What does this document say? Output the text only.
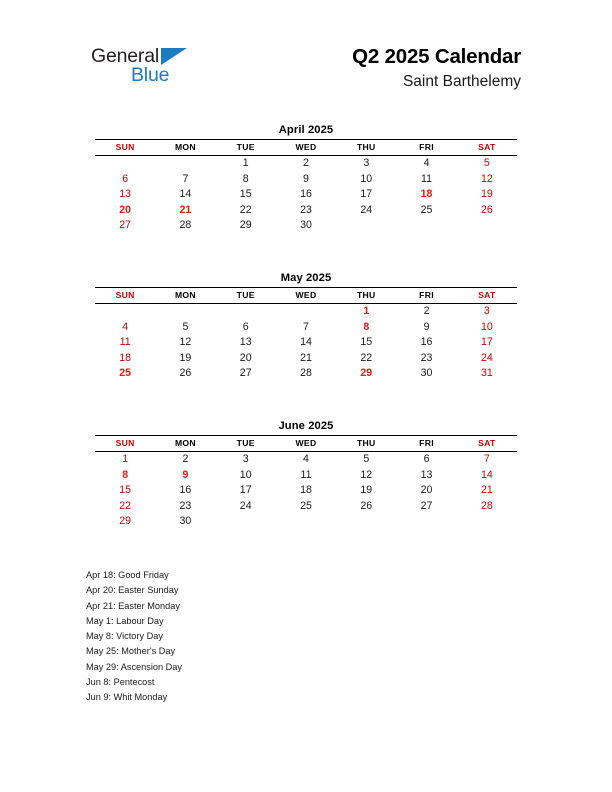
General
Blue
Q2 2025 Calendar
Saint Barthelemy
April 2025
SUN	MON	TUE	WED	THU	FRI	SAT
		1	2	3	4	5
6	7	8	9	10	11	12
13	14	15	16	17	18	19
20	21	22	23	24	25	26
27	28	29	30			
May 2025
SUN	MON	TUE	WED	THU	FRI	SAT
				1	2	3
4	5	6	7	8	9	10
11	12	13	14	15	16	17
18	19	20	21	22	23	24
25	26	27	28	29	30	31
June 2025
SUN	MON	TUE	WED	THU	FRI	SAT
1	2	3	4	5	6	7
8	9	10	11	12	13	14
15	16	17	18	19	20	21
22	23	24	25	26	27	28
29	30					
Apr 18: Good Friday
Apr 20: Easter Sunday
Apr 21: Easter Monday
May 1: Labour Day
May 8: Victory Day
May 25: Mother's Day
May 29: Ascension Day
Jun 8: Pentecost
Jun 9: Whit Monday
